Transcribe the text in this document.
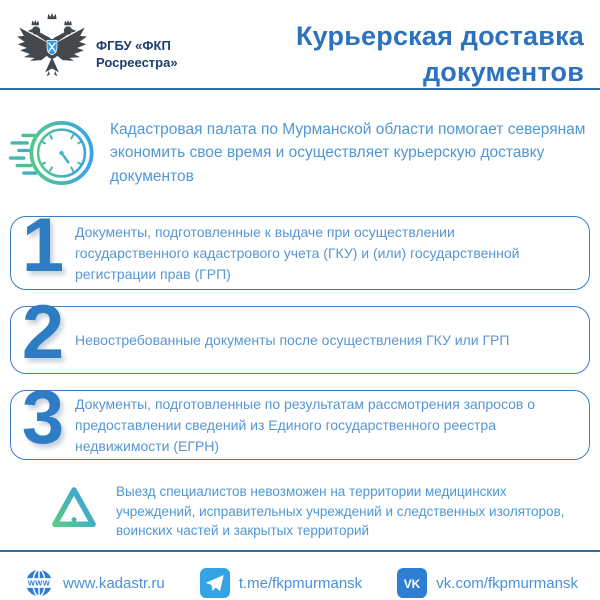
ФГБУ «ФКП
Росреестра»
Курьерская доставка
документов
Кадастровая палата по Мурманской области помогает северянам экономить свое время и осуществляет курьерскую доставку документов
1 Документы, подготовленные к выдаче при осуществлении государственного кадастрового учета (ГКУ) и (или) государственной регистрации прав (ГРП)
2 Невостребованные документы после осуществления ГКУ или ГРП
3 Документы, подготовленные по результатам рассмотрения запросов о предоставлении сведений из Единого государственного реестра недвижимости (ЕГРН)
Выезд специалистов невозможен на территории медицинских учреждений, исправительных учреждений и следственных изоляторов, воинских частей и закрытых территорий
WWW www.kadastr.ru	t.me/fkpmurmansk	VK vk.com/fkpmurmansk
